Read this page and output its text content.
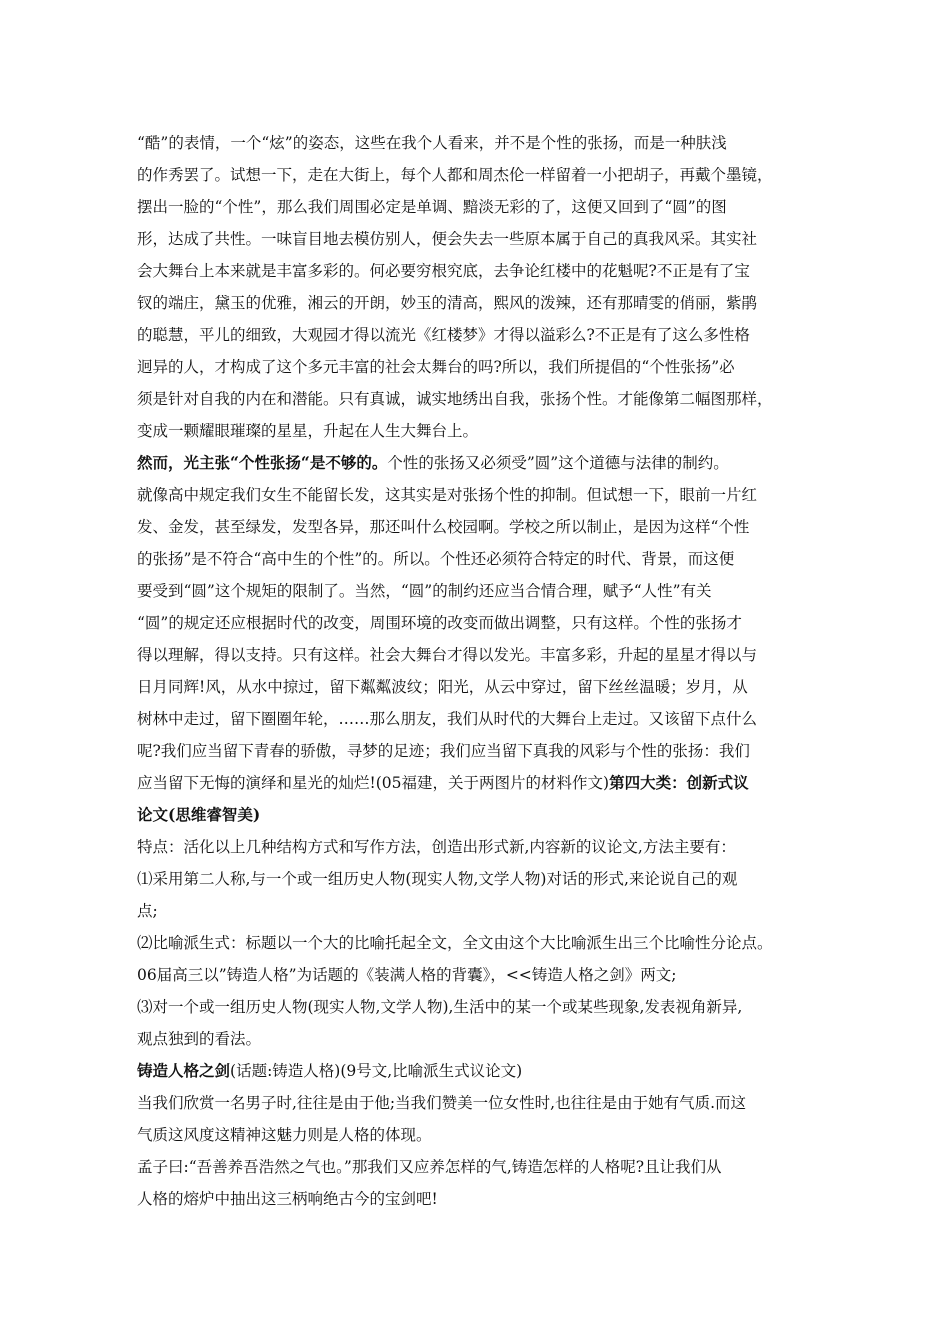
“酷”的表情，一个“炫”的姿态，这些在我个人看来，并不是个性的张扬，而是一种肤浅

的作秀罢了。试想一下，走在大街上，每个人都和周杰伦一样留着一小把胡子，再戴个墨镜，

摆出一脸的“个性”，那么我们周围必定是单调、黯淡无彩的了，这便又回到了“圆”的图

形，达成了共性。一味盲目地去模仿别人，便会失去一些原本属于自己的真我风采。其实社

会大舞台上本来就是丰富多彩的。何必要穷根究底，去争论红楼中的花魁呢?不正是有了宝

钗的端庄，黛玉的优雅，湘云的开朗，妙玉的清高，熙风的泼辣，还有那晴雯的俏丽，紫鹃

的聪慧，平儿的细致，大观园才得以流光《红楼梦》才得以溢彩么?不正是有了这么多性格

迥异的人，才构成了这个多元丰富的社会太舞台的吗?所以，我们所提倡的“个性张扬”必

须是针对自我的内在和潜能。只有真诚，诚实地绣出自我，张扬个性。才能像第二幅图那样，

变成一颗耀眼璀璨的星星，升起在人生大舞台上。

然而，光主张“个性张扬“是不够的。个性的张扬又必须受”圆”这个道德与法律的制约。

就像高中规定我们女生不能留长发，这其实是对张扬个性的抑制。但试想一下，眼前一片红

发、金发，甚至绿发，发型各异，那还叫什么校园啊。学校之所以制止，是因为这样“个性

的张扬”是不符合“高中生的个性”的。所以。个性还必须符合特定的时代、背景，而这便

要受到“圆”这个规矩的限制了。当然，“圆”的制约还应当合情合理，赋予“人性”有关

“圆”的规定还应根据时代的改变，周围环境的改变而做出调整，只有这样。个性的张扬才

得以理解，得以支持。只有这样。社会大舞台才得以发光。丰富多彩，升起的星星才得以与

日月同辉!风，从水中掠过，留下粼粼波纹；阳光，从云中穿过，留下丝丝温暖；岁月，从

树林中走过，留下圈圈年轮，……那么朋友，我们从时代的大舞台上走过。又该留下点什么

呢?我们应当留下青春的骄傲，寻梦的足迹；我们应当留下真我的风彩与个性的张扬：我们

应当留下无悔的演绎和星光的灿烂!(05福建，关于两图片的材料作文)第四大类：创新式议

论文(思维睿智美)

特点：活化以上几种结构方式和写作方法，创造出形式新,内容新的议论文,方法主要有：

⑴采用第二人称,与一个或一组历史人物(现实人物,文学人物)对话的形式,来论说自己的观

点;

⑵比喻派生式：标题以一个大的比喻托起全文，全文由这个大比喻派生出三个比喻性分论点。

06届高三以”铸造人格”为话题的《装满人格的背囊》，<<铸造人格之剑》两文;

⑶对一个或一组历史人物(现实人物,文学人物),生活中的某一个或某些现象,发表视角新异,

观点独到的看法。

铸造人格之剑(话题:铸造人格)(9号文,比喻派生式议论文)

当我们欣赏一名男子时,往往是由于他;当我们赞美一位女性时,也往往是由于她有气质.而这

气质这风度这精神这魅力则是人格的体现。

孟子曰:“吾善养吾浩然之气也。”那我们又应养怎样的气,铸造怎样的人格呢?且让我们从

人格的熔炉中抽出这三柄响绝古今的宝剑吧!
